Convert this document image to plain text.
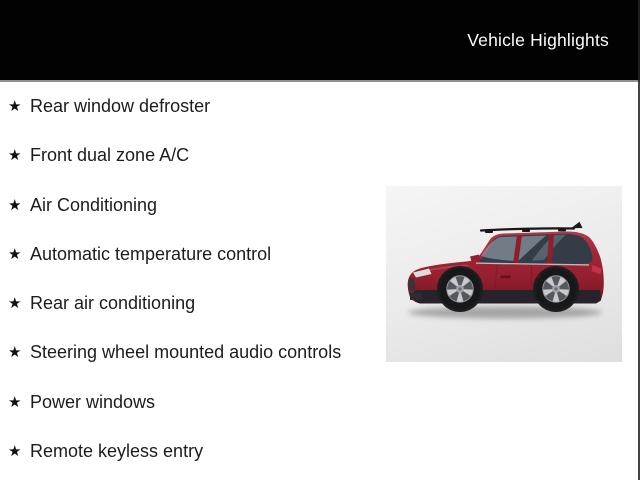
Vehicle Highlights
★ Rear window defroster
★ Front dual zone A/C
★ Air Conditioning
★ Automatic temperature control
★ Rear air conditioning
★ Steering wheel mounted audio controls
★ Power windows
★ Remote keyless entry
